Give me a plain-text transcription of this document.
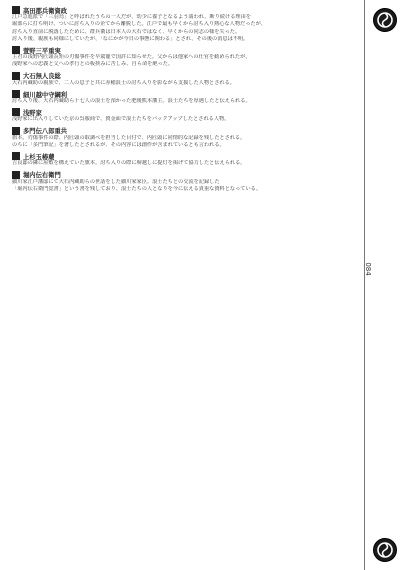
084
高田郡兵衛資政
江戸急進派で「三羽烏」と呼ばれたうちの一人だが、幼少に養子となるよう請われ、断り続ける理由を
堀部らに打ち明け、ついに討ち入りの企てから離脱した。江戸で最も早くから討ち入り熱心な人物だったが、
討ち入り直前に脱落したために、群兵衛は日本人の大石ではなく、早くからの同志の様を失った。
討入り後、親族も同様にしていたが、「なにかが今日の事態に関わる」とされ、その後の消息は不明。
萱野三平重実
主君の浅野内匠頭長矩の刃傷事件を早駕籠で国許に知らせた。父からは他家への仕官を勧められたが、
浅野家への忠義と父への孝行との板挟みに苦しみ、自ら命を絶った。
大石無人良総
大石内蔵助の親族で、二人の息子と共に赤穂浪士の討ち入りを影ながら支援した人物とされる。
細川越中守綱利
討ち入り後、大石内蔵助ら十七人の浪士を預かった肥後熊本藩主。浪士たちを厚遇したと伝えられる。
浅野家
浅野家に出入りしていた京の呉服商で、資金面で浪士たちをバックアップしたとされる人物。
多門伝八郎重共
旗本。刃傷事件の際、内匠頭の取調べを担当した目付で、内匠頭に同情的な記録を残したとされる。
のちに「多門筆記」を著したとされるが、その内容には創作が含まれているとも言われる。
上杉玉椿蔵
吉良邸の隣に屋敷を構えていた旗本。討ち入りの際に塀越しに提灯を掲げて協力したと伝えられる。
堀内伝右衛門
細川家江戸藩邸にて大石内蔵助らの世話をした細川家家臣。浪士たちとの交流を記録した
「堀内伝右衛門覚書」という書を残しており、浪士たちの人となりを今に伝える貴重な資料となっている。
